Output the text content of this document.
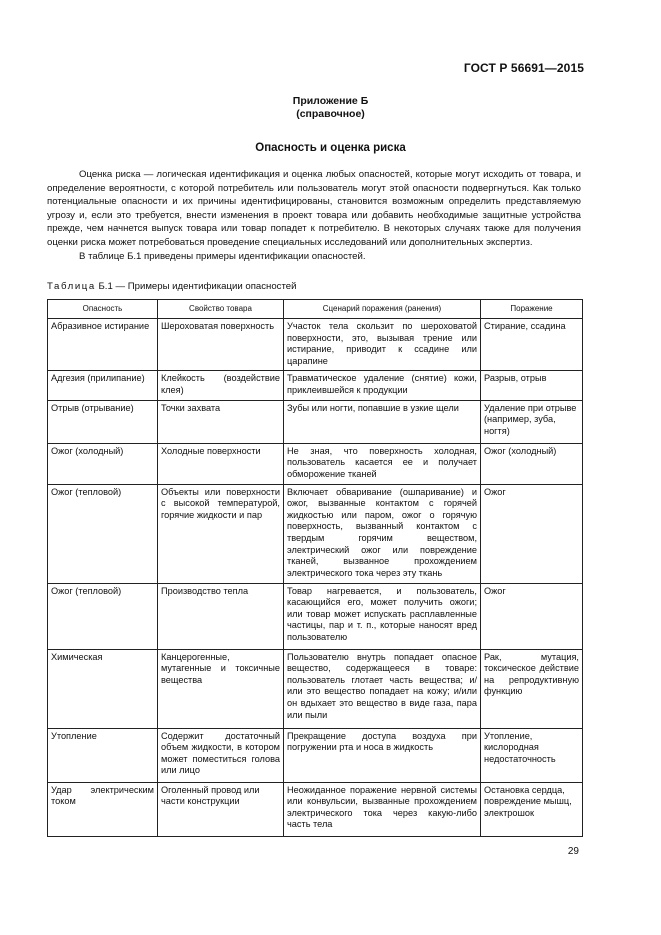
ГОСТ Р 56691—2015
Приложение Б
(справочное)
Опасность и оценка риска

Оценка риска — логическая идентификация и оценка любых опасностей, которые могут исходить от товара, и определение вероятности, с которой потребитель или пользователь могут этой опасности подвергнуться. Как только потенциальные опасности и их причины идентифицированы, становится возможным определить представляемую угрозу и, если это требуется, внести изменения в проект товара или добавить необходимые защитные устройства прежде, чем начнется выпуск товара или товар попадет к потребителю. В некоторых случаях также для получения оценки риска может потребоваться проведение специальных исследований или дополнительных экспертиз.

В таблице Б.1 приведены примеры идентификации опасностей.

Таблица Б.1 — Примеры идентификации опасностей
Опасность	Свойство товара	Сценарий поражения (ранения)	Поражение
Абразивное истирание	Шероховатая поверхность	Участок тела скользит по шероховатой поверхности, это, вызывая трение или истирание, приводит к ссадине или царапине	Стирание, ссадина
Адгезия (прилипание)	Клейкость (воздействие клея)	Травматическое удаление (снятие) кожи, приклеившейся к продукции	Разрыв, отрыв
Отрыв (отрывание)	Точки захвата	Зубы или ногти, попавшие в узкие щели	Удаление при отрыве (например, зуба, ногтя)
Ожог (холодный)	Холодные поверхности	Не зная, что поверхность холодная, пользователь касается ее и получает обморожение тканей	Ожог (холодный)
Ожог (тепловой)	Объекты или поверхности с высокой температурой, горячие жидкости и пар	Включает обваривание (ошпаривание) и ожог, вызванные контактом с горячей жидкостью или паром, ожог о горячую поверхность, вызванный контактом с твердым горячим веществом, электрический ожог или повреждение тканей, вызванное прохождением электрического тока через эту ткань	Ожог
Ожог (тепловой)	Производство тепла	Товар нагревается, и пользователь, касающийся его, может получить ожоги; или товар может испускать расплавленные частицы, пар и т. п., которые наносят вред пользователю	Ожог
Химическая	Канцерогенные, мутагенные и токсичные вещества	Пользователю внутрь попадает опасное вещество, содержащееся в товаре: пользователь глотает часть вещества; и/или это вещество попадает на кожу; и/или он вдыхает это вещество в виде газа, пара или пыли	Рак, мутация, токсическое действие на репродуктивную функцию
Утопление	Содержит достаточный объем жидкости, в котором может поместиться голова или лицо	Прекращение доступа воздуха при погружении рта и носа в жидкость	Утопление, кислородная недостаточность
Удар электрическим током	Оголенный провод или части конструкции	Неожиданное поражение нервной системы или конвульсии, вызванные прохождением электрического тока через какую-либо часть тела	Остановка сердца, повреждение мышц, электрошок
29
